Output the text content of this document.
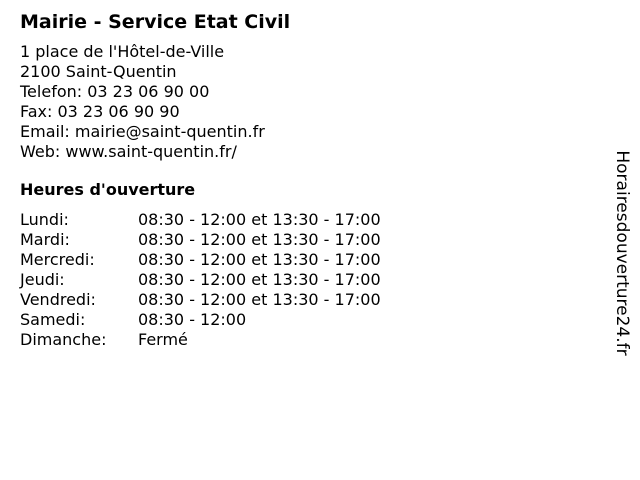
Mairie - Service Etat Civil
1 place de l'Hôtel-de-Ville
2100 Saint-Quentin
Telefon: 03 23 06 90 00
Fax: 03 23 06 90 90
Email: mairie@saint-quentin.fr
Web: www.saint-quentin.fr/
Heures d'ouverture
Lundi:	08:30 - 12:00 et 13:30 - 17:00
Mardi:	08:30 - 12:00 et 13:30 - 17:00
Mercredi:	08:30 - 12:00 et 13:30 - 17:00
Jeudi:	08:30 - 12:00 et 13:30 - 17:00
Vendredi:	08:30 - 12:00 et 13:30 - 17:00
Samedi:	08:30 - 12:00
Dimanche:	Fermé	Horairesdouverture24.fr
